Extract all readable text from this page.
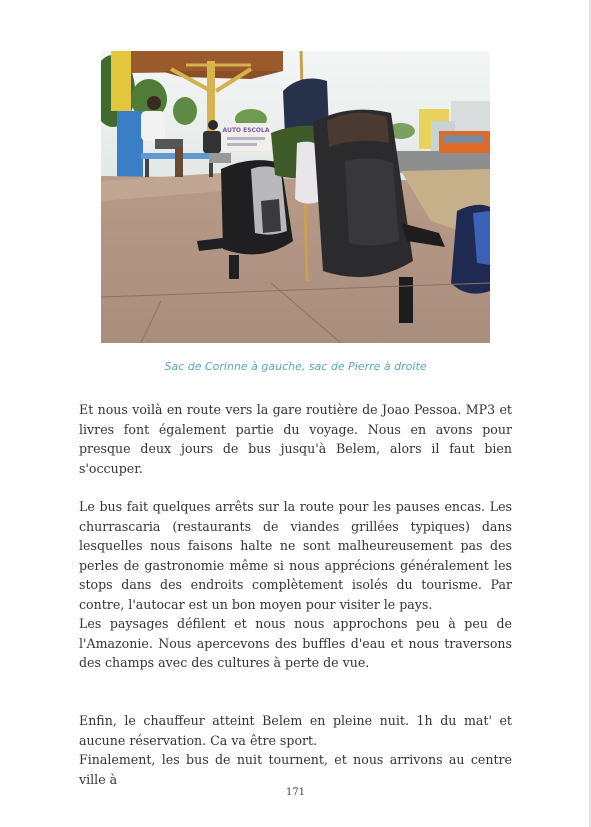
AUTO ESCOLA

Sac de Corinne à gauche, sac de Pierre à droite

Et nous voilà en route vers la gare routière de Joao Pessoa. MP3 et livres font également partie du voyage. Nous en avons pour presque deux jours de bus jusqu'à Belem, alors il faut bien s'occuper.

Le bus fait quelques arrêts sur la route pour les pauses encas. Les churrascaria (restaurants de viandes grillées typiques) dans lesquelles nous faisons halte ne sont malheureusement pas des perles de gastronomie même si nous apprécions généralement les stops dans des endroits complètement isolés du tourisme. Par contre, l'autocar est un bon moyen pour visiter le pays.

Les paysages défilent et nous nous approchons peu à peu de l'Amazonie. Nous apercevons des buffles d'eau et nous traversons des champs avec des cultures à perte de vue.

Enfin, le chauffeur atteint Belem en pleine nuit. 1h du mat' et aucune réservation. Ca va être sport.

Finalement, les bus de nuit tournent, et nous arrivons au centre ville à

171
